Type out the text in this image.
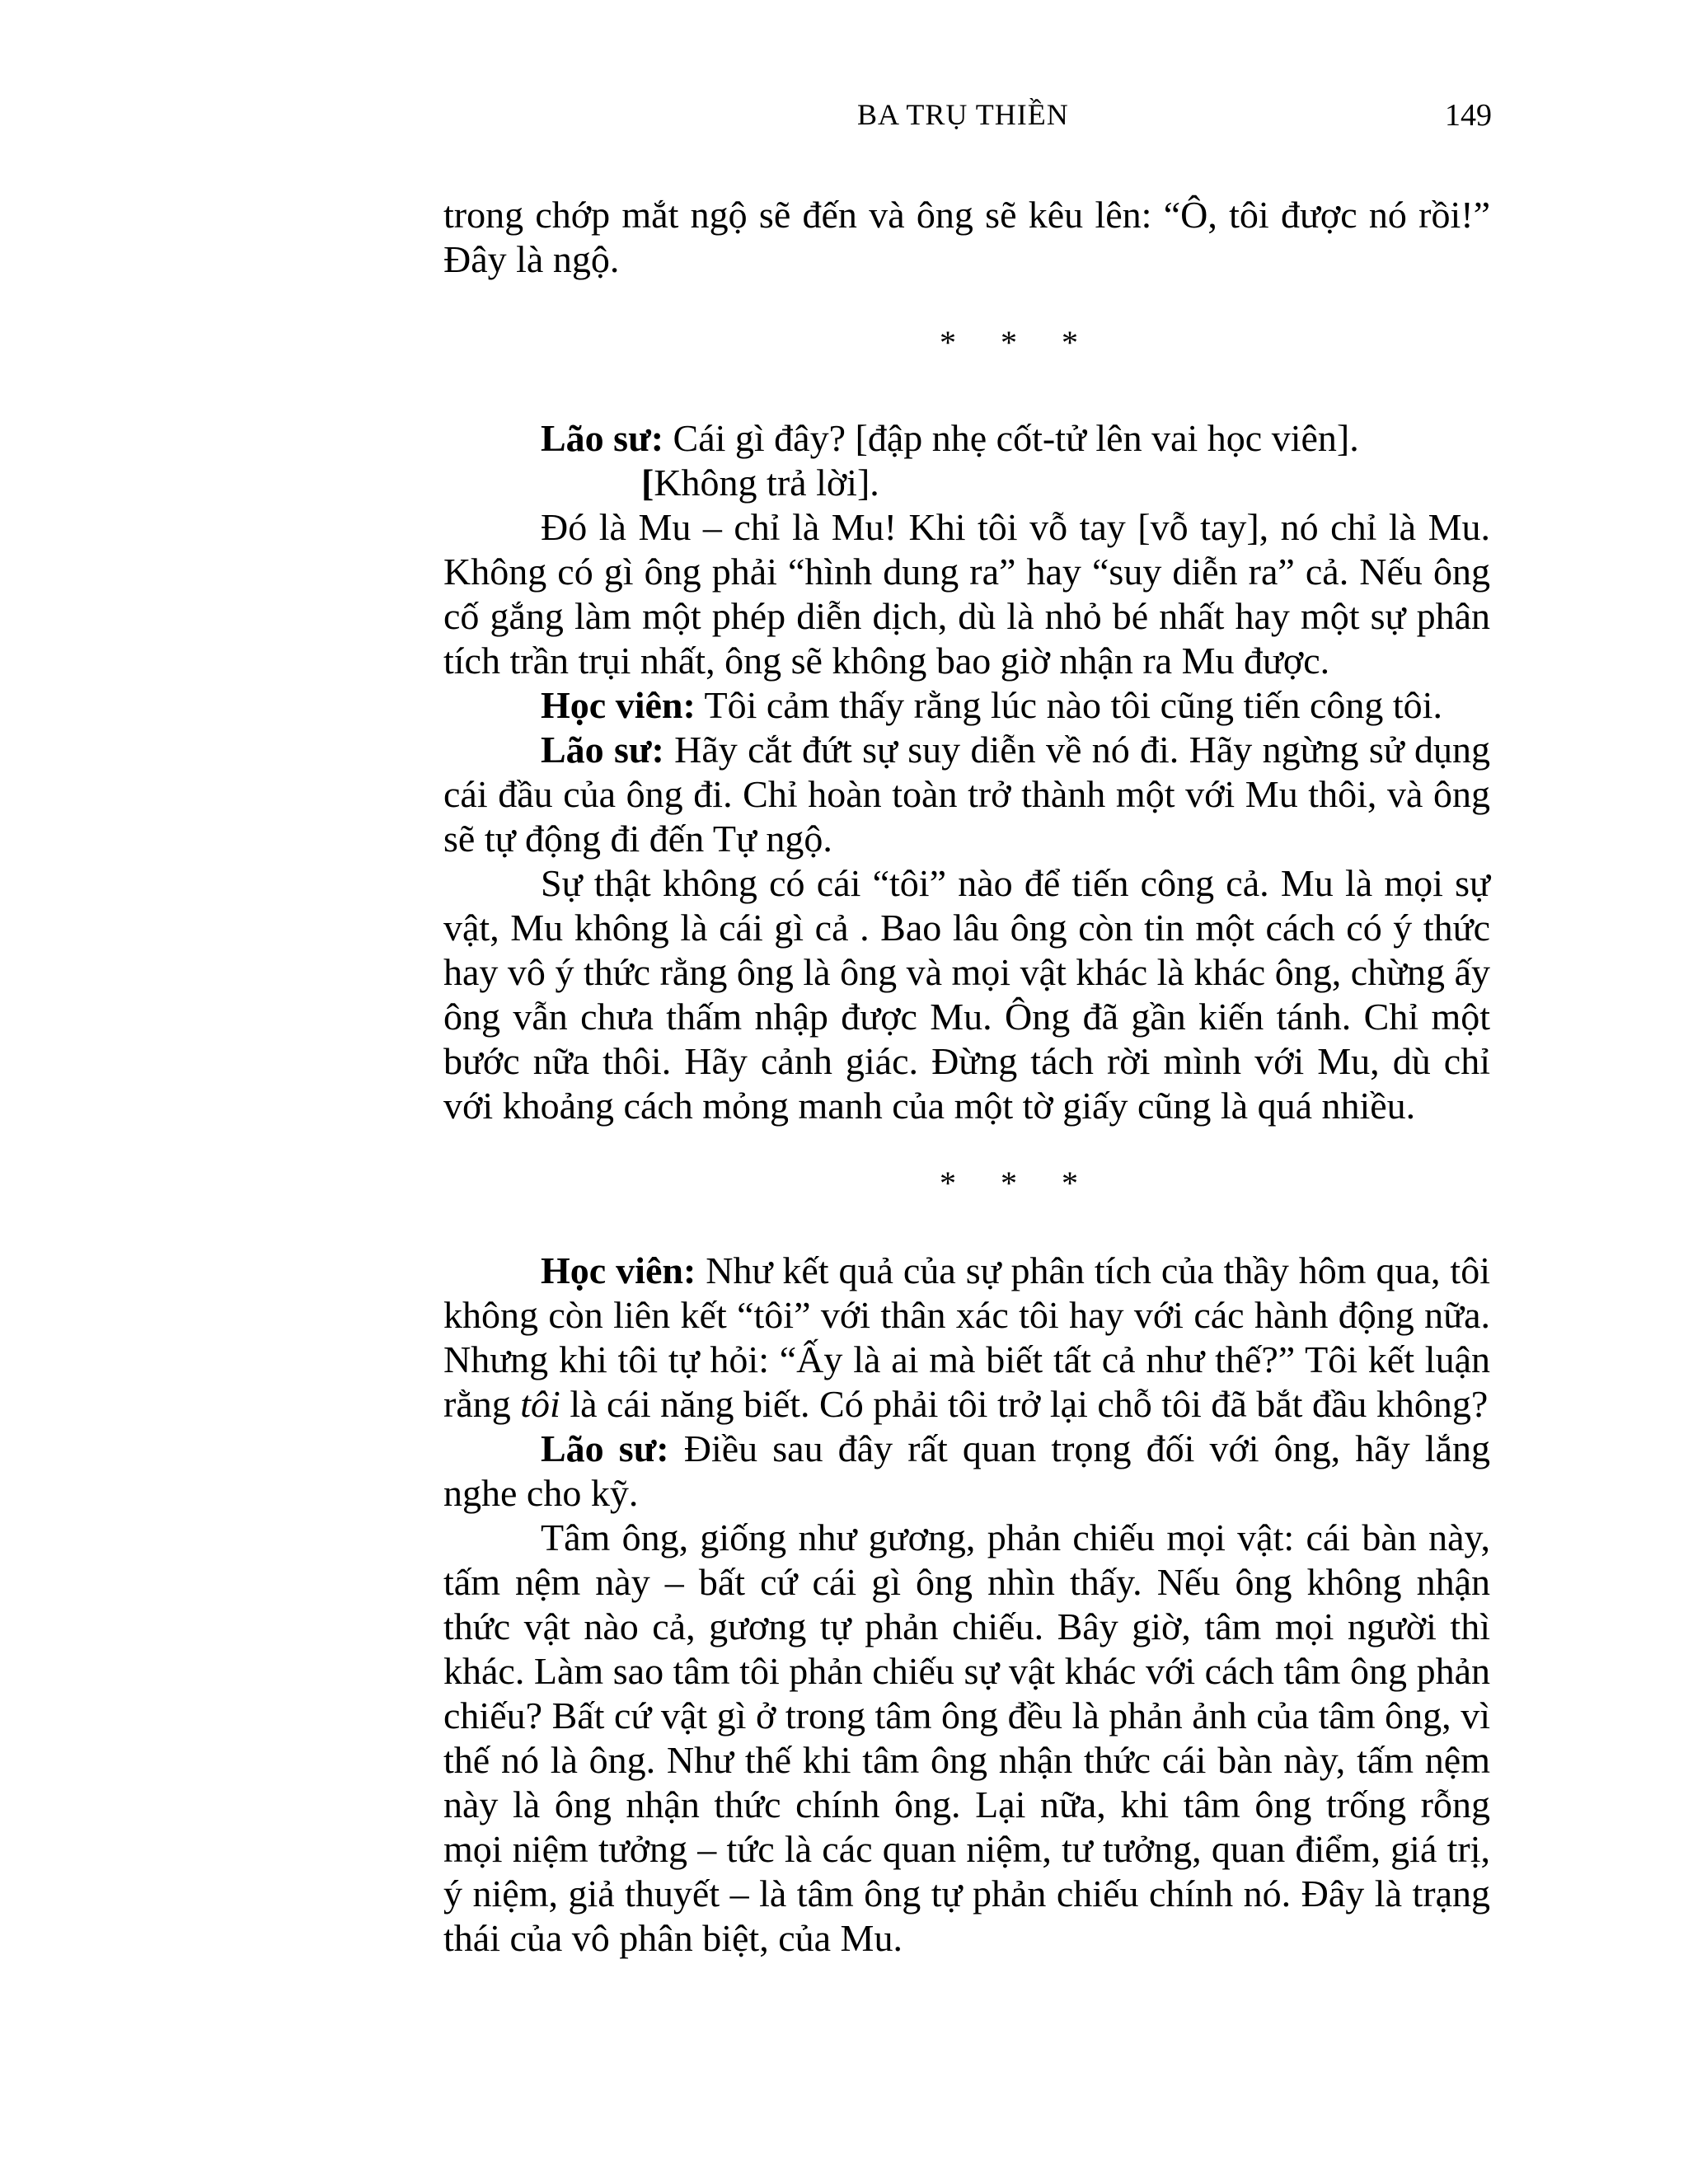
BA TRỤ THIỀN	149

trong chớp mắt ngộ sẽ đến và ông sẽ kêu lên: “Ô, tôi được nó rồi!” Đây là ngộ.

* * *

Lão sư: Cái gì đây? [đập nhẹ cốt-tử lên vai học viên].

[Không trả lời].

Đó là Mu – chỉ là Mu! Khi tôi vỗ tay [vỗ tay], nó chỉ là Mu. Không có gì ông phải “hình dung ra” hay “suy diễn ra” cả. Nếu ông cố gắng làm một phép diễn dịch, dù là nhỏ bé nhất hay một sự phân tích trần trụi nhất, ông sẽ không bao giờ nhận ra Mu được.

Học viên: Tôi cảm thấy rằng lúc nào tôi cũng tiến công tôi.

Lão sư: Hãy cắt đứt sự suy diễn về nó đi. Hãy ngừng sử dụng cái đầu của ông đi. Chỉ hoàn toàn trở thành một với Mu thôi, và ông sẽ tự động đi đến Tự ngộ.

Sự thật không có cái “tôi” nào để tiến công cả. Mu là mọi sự vật, Mu không là cái gì cả . Bao lâu ông còn tin một cách có ý thức hay vô ý thức rằng ông là ông và mọi vật khác là khác ông, chừng ấy ông vẫn chưa thấm nhập được Mu. Ông đã gần kiến tánh. Chỉ một bước nữa thôi. Hãy cảnh giác. Đừng tách rời mình với Mu, dù chỉ với khoảng cách mỏng manh của một tờ giấy cũng là quá nhiều.

* * *

Học viên: Như kết quả của sự phân tích của thầy hôm qua, tôi không còn liên kết “tôi” với thân xác tôi hay với các hành động nữa. Nhưng khi tôi tự hỏi: “Ấy là ai mà biết tất cả như thế?” Tôi kết luận rằng tôi là cái năng biết. Có phải tôi trở lại chỗ tôi đã bắt đầu không?

Lão sư: Điều sau đây rất quan trọng đối với ông, hãy lắng nghe cho kỹ.

Tâm ông, giống như gương, phản chiếu mọi vật: cái bàn này, tấm nệm này – bất cứ cái gì ông nhìn thấy. Nếu ông không nhận thức vật nào cả, gương tự phản chiếu. Bây giờ, tâm mọi người thì khác. Làm sao tâm tôi phản chiếu sự vật khác với cách tâm ông phản chiếu? Bất cứ vật gì ở trong tâm ông đều là phản ảnh của tâm ông, vì thế nó là ông. Như thế khi tâm ông nhận thức cái bàn này, tấm nệm này là ông nhận thức chính ông. Lại nữa, khi tâm ông trống rỗng mọi niệm tưởng – tức là các quan niệm, tư tưởng, quan điểm, giá trị, ý niệm, giả thuyết – là tâm ông tự phản chiếu chính nó. Đây là trạng thái của vô phân biệt, của Mu.
